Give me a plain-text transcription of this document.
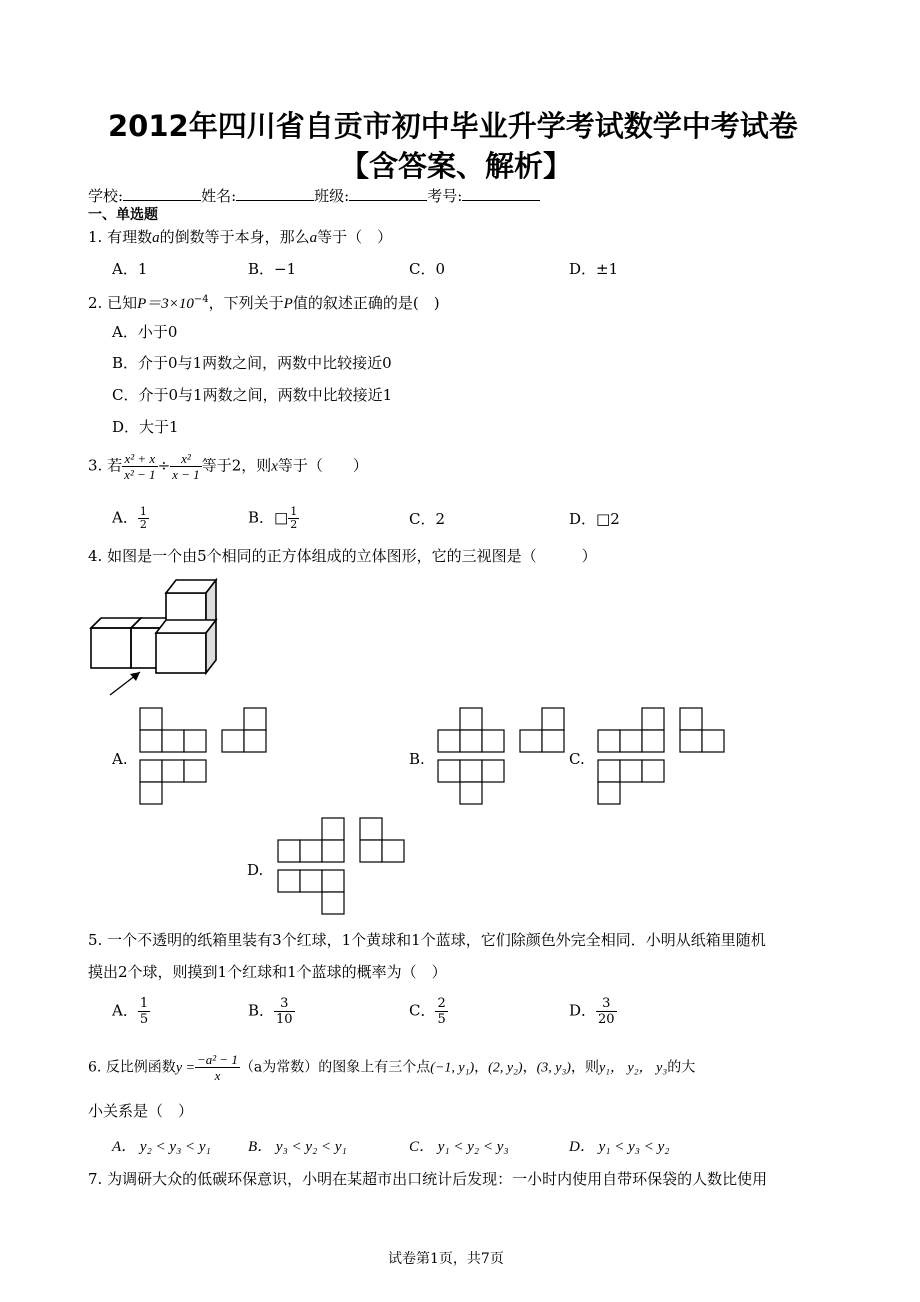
2012年四川省自贡市初中毕业升学考试数学中考试卷
【含答案、解析】
学校:	姓名:	班级:	考号:
一、单选题
1. 有理数a的倒数等于本身，那么a等于（　）
A．1	B．−1	C．0	D．±1
2. 已知$P=3\times 10^{-4}$，下列关于P值的叙述正确的是(　)
A．小于0
B．介于0与1两数之间，两数中比较接近0
C．介于0与1两数之间，两数中比较接近1
D．大于1
3. 若 $\frac{\text{x² + x}}{\text{x² − 1}} \div \frac{\text{x²}}{x - 1}$ 等于2，则x等于（　　）
A． $\frac{1}{2}$	B．□ $\frac{1}{2}$	C．2	D．□2
4. 如图是一个由5个相同的正方体组成的立体图形，它的三视图是（　　　）
A.	B.	C.
D.
5. 一个不透明的纸箱里装有3个红球，1个黄球和1个蓝球，它们除颜色外完全相同．小明从纸箱里随机
摸出2个球，则摸到1个红球和1个蓝球的概率为（　）
A． $\frac{1}{5}$	B． $\frac{3}{10}$	C． $\frac{2}{5}$	D． $\frac{3}{20}$
6. 反比例函数$y = \frac{\text{−a² − 1}}{x} (a$为常数）的图象上有三个点(−1, y₁)，(2, y₂)，(3, y₃)，则y₁， y₂， y₃的大
小关系是（　）
A． y₂ < y₃ < y₁ B． y₃ < y₂ < y₁	C． y₁ < y₂ < y₃	D． y₁ < y₃ < y₂
7. 为调研大众的低碳环保意识，小明在某超市出口统计后发现：一小时内使用自带环保袋的人数比使用
试卷第1页，共7页
